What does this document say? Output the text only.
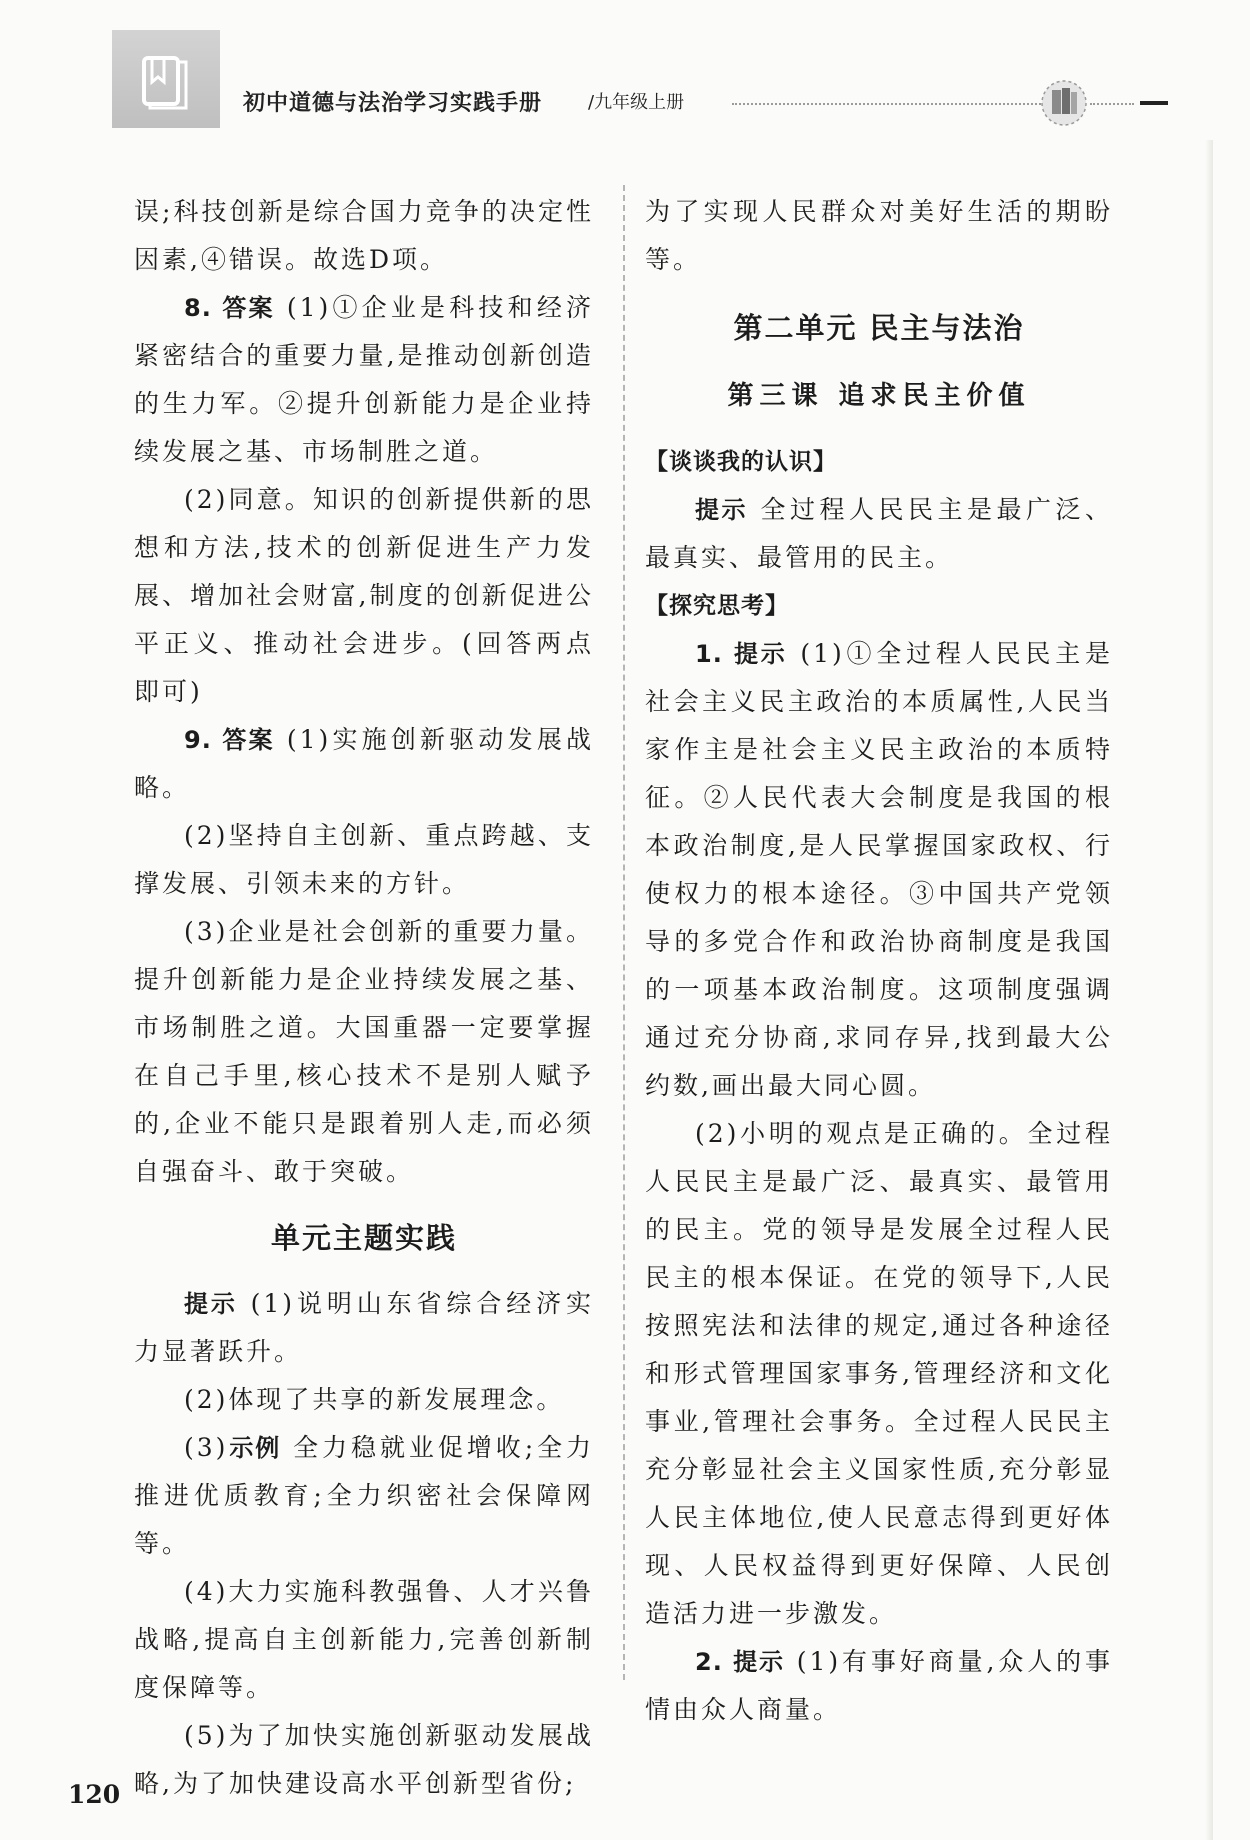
初中道德与法治学习实践手册	/九年级上册

误;科技创新是综合国力竞争的决定性因素,④错误。故选D项。

8. 答案 (1)①企业是科技和经济紧密结合的重要力量,是推动创新创造的生力军。②提升创新能力是企业持续发展之基、市场制胜之道。

(2)同意。知识的创新提供新的思想和方法,技术的创新促进生产力发展、增加社会财富,制度的创新促进公平正义、推动社会进步。(回答两点即可)

9. 答案 (1)实施创新驱动发展战略。

(2)坚持自主创新、重点跨越、支撑发展、引领未来的方针。

(3)企业是社会创新的重要力量。提升创新能力是企业持续发展之基、市场制胜之道。大国重器一定要掌握在自己手里,核心技术不是别人赋予的,企业不能只是跟着别人走,而必须自强奋斗、敢于突破。

单元主题实践

提示 (1)说明山东省综合经济实力显著跃升。

(2)体现了共享的新发展理念。

(3)示例 全力稳就业促增收;全力推进优质教育;全力织密社会保障网等。

(4)大力实施科教强鲁、人才兴鲁战略,提高自主创新能力,完善创新制度保障等。

(5)为了加快实施创新驱动发展战略,为了加快建设高水平创新型省份;

为了实现人民群众对美好生活的期盼等。

第二单元 民主与法治

第三课 追求民主价值

【谈谈我的认识】

提示 全过程人民民主是最广泛、最真实、最管用的民主。

【探究思考】

1. 提示 (1)①全过程人民民主是社会主义民主政治的本质属性,人民当家作主是社会主义民主政治的本质特征。②人民代表大会制度是我国的根本政治制度,是人民掌握国家政权、行使权力的根本途径。③中国共产党领导的多党合作和政治协商制度是我国的一项基本政治制度。这项制度强调通过充分协商,求同存异,找到最大公约数,画出最大同心圆。

(2)小明的观点是正确的。全过程人民民主是最广泛、最真实、最管用的民主。党的领导是发展全过程人民民主的根本保证。在党的领导下,人民按照宪法和法律的规定,通过各种途径和形式管理国家事务,管理经济和文化事业,管理社会事务。全过程人民民主充分彰显社会主义国家性质,充分彰显人民主体地位,使人民意志得到更好体现、人民权益得到更好保障、人民创造活力进一步激发。

2. 提示 (1)有事好商量,众人的事情由众人商量。

120
